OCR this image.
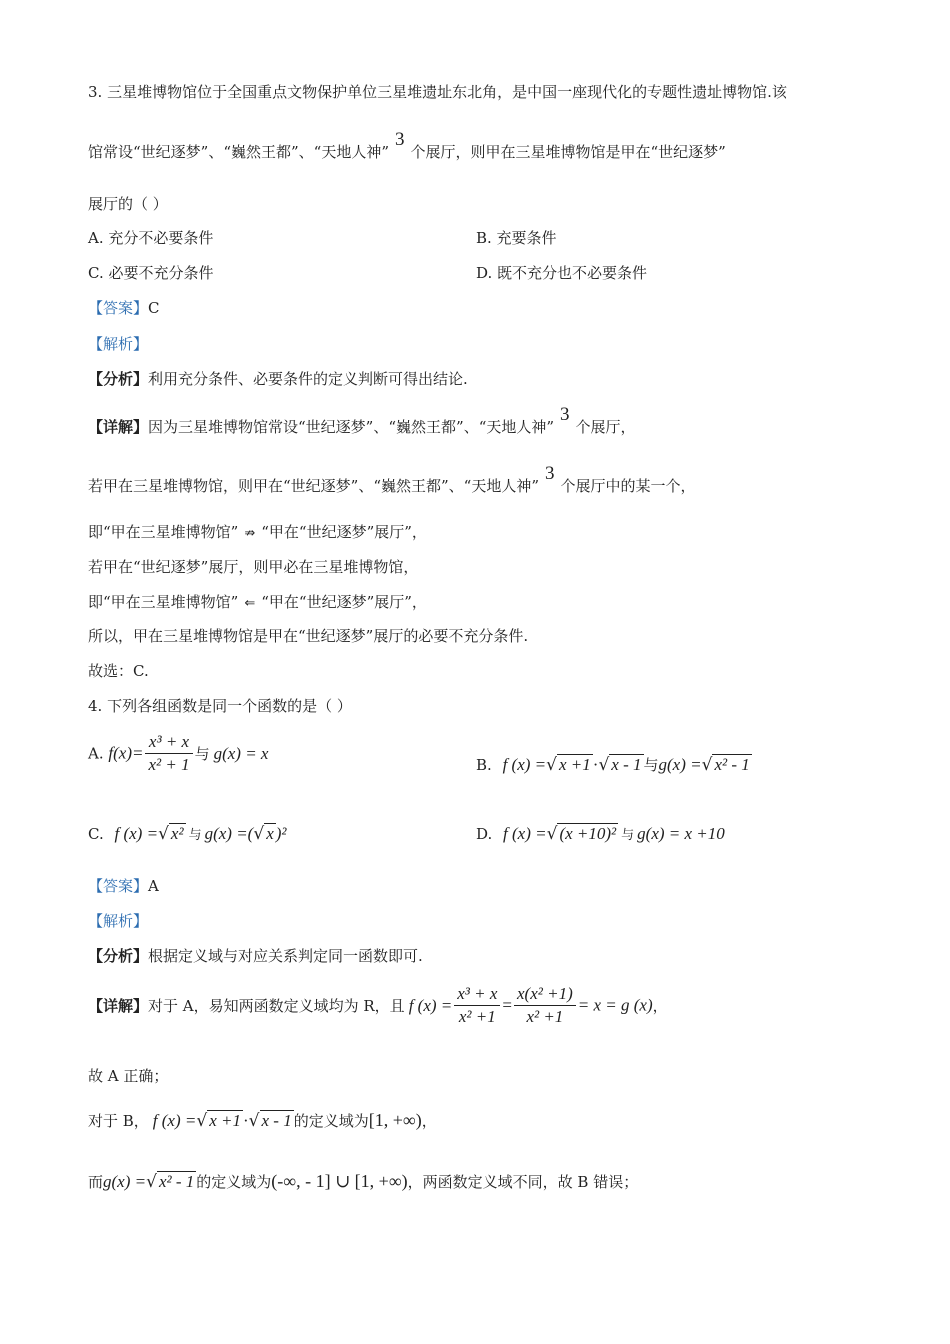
3. 三星堆博物馆位于全国重点文物保护单位三星堆遗址东北角，是中国一座现代化的专题性遗址博物馆.该
馆常设“世纪逐梦”、“巍然王都”、“天地人神”3个展厅，则甲在三星堆博物馆是甲在“世纪逐梦”
展厅的（ ）
A. 充分不必要条件	B. 充要条件
C. 必要不充分条件	D. 既不充分也不必要条件
【答案】C
【解析】
【分析】利用充分条件、必要条件的定义判断可得出结论.
【详解】因为三星堆博物馆常设“世纪逐梦”、“巍然王都”、“天地人神”3个展厅，
若甲在三星堆博物馆，则甲在“世纪逐梦”、“巍然王都”、“天地人神”3个展厅中的某一个，
即“甲在三星堆博物馆” ⇏ “甲在“世纪逐梦”展厅”，
若甲在“世纪逐梦”展厅，则甲必在三星堆博物馆，
即“甲在三星堆博物馆” ⇐ “甲在“世纪逐梦”展厅”，
所以，甲在三星堆博物馆是甲在“世纪逐梦”展厅的必要不充分条件.
故选：C.
4. 下列各组函数是同一个函数的是（ ）
A. $f(x)= \frac{\text{x³ + x}}{\text{x² + 1}}$ 与 g(x) = x
B. f (x) =√ x +1 ·√ x - 1 与g(x) =√ x² - 1
C. f (x) =√ x² 与 g(x) =(√ x )²	D. f (x) =√ (x +10)² 与 g(x) = x +10
【答案】A
【解析】
【分析】根据定义域与对应关系判定同一函数即可.
【详解】对于 A，易知两函数定义域均为 R，且 f $(x) = \frac{\text{x³ + x}}{\text{x² +1}} = \frac{\text{x(x² +1)}}{\text{x² +1}} = x = g$ (x)，
故 A 正确；
对于 B， f (x) =√ x +1 ·√ x - 1 的定义域为[1, +∞)，
而g(x) =√ x² - 1 的定义域为(-∞, - 1] ∪ [1, +∞)，两函数定义域不同，故 B 错误；
